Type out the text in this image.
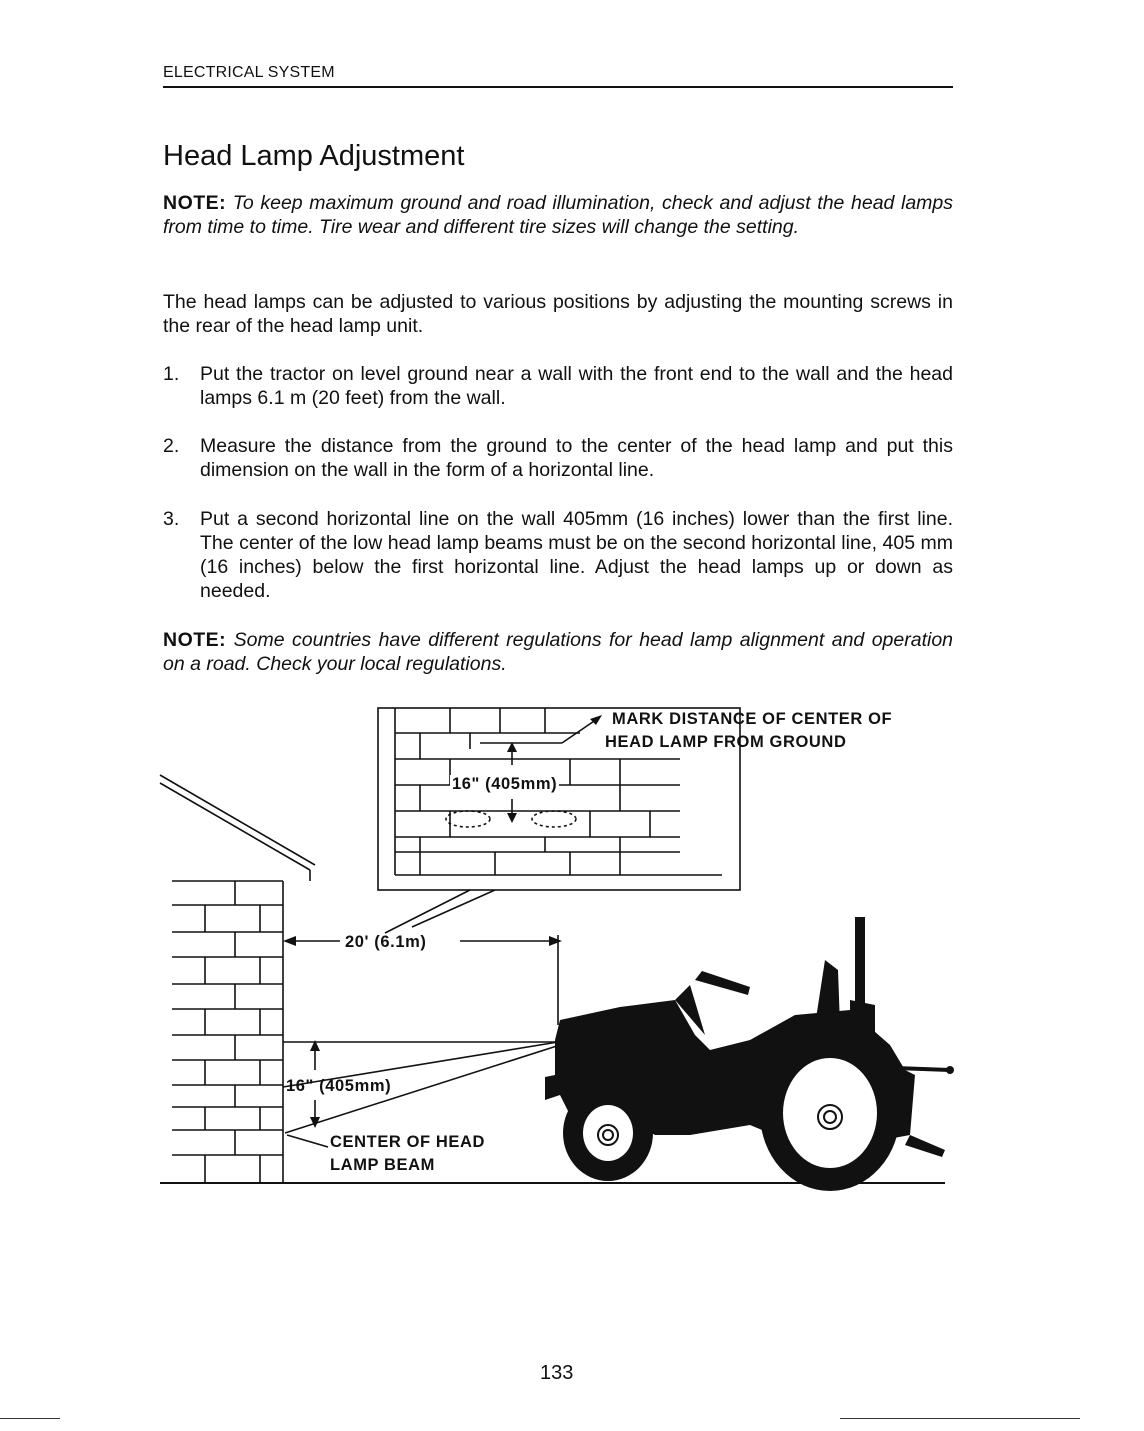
ELECTRICAL SYSTEM
Head Lamp Adjustment

NOTE: To keep maximum ground and road illumination, check and adjust the head lamps from time to time. Tire wear and different tire sizes will change the setting.

The head lamps can be adjusted to various positions by adjusting the mounting screws in the rear of the head lamp unit.

1. Put the tractor on level ground near a wall with the front end to the wall and the head lamps 6.1 m (20 feet) from the wall.
2. Measure the distance from the ground to the center of the head lamp and put this dimension on the wall in the form of a horizontal line.
3. Put a second horizontal line on the wall 405mm (16 inches) lower than the first line. The center of the low head lamp beams must be on the second horizontal line, 405 mm (16 inches) below the first horizontal line. Adjust the head lamps up or down as needed.

NOTE: Some countries have different regulations for head lamp alignment and operation on a road. Check your local regulations.

MARK DISTANCE OF CENTER OF
HEAD LAMP FROM GROUND
16" (405mm)
20' (6.1m)
16" (405mm)
CENTER OF HEAD
LAMP BEAM
133
